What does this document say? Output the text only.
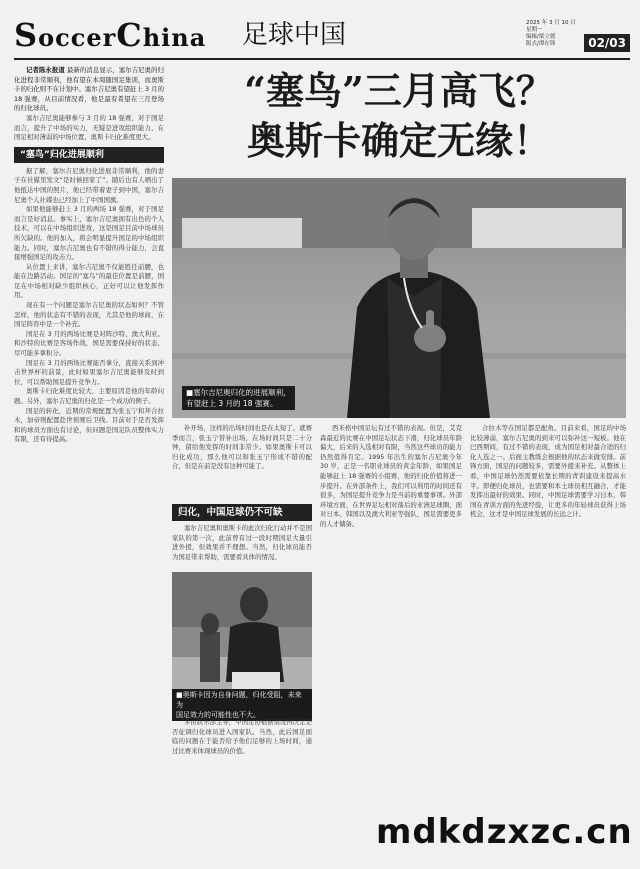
SoccerChina 足球中国	2025 年 3 月 10 日
星期一
编辑/梁立德
版式/谭在锋	02/03

记者陈永报道 最新的消息显示，塞尔吉尼奥的归化进程非常顺利，他有望在本周随国足集训，而奥斯卡的归化则不在计划中。塞尔吉尼奥有望赶上 3 月的 18 强赛，从目前情况看，他是最有希望在三月登场的归化球员。

塞尔吉尼奥能够参与 3 月的 18 强赛，对于国足而言，提升了中场的实力，无疑是进攻组织能力、在国足相对薄弱的中场位置，奥斯卡归化难度更大。

“塞鸟”归化进展顺利

据了解，塞尔吉尼奥归化进展非常顺利，他的妻子在社媒里发文“是时候回家了”。随后也有人晒出了他抵达中国的照片，他已经带着妻子到中国，塞尔吉尼奥个人社媒也已经加上了中国国旗。

如果他能够赶上 3 月的两场 18 强赛，对于国足而言是好消息。事实上，塞尔吉尼奥拥有出色的个人技术，可以在中场组织进攻，这是国足目前中场球员所欠缺的。他的加入，将会明显提升国足的中场组织能力。同时，塞尔吉尼奥也有不错的得分能力，会直接增强国足的攻击力。

从位置上来讲，塞尔吉尼奥不仅能胜任前腰，也能在边路活动。国足的“塞鸟”的最佳位置是前腰，国足在中场相对缺少组织核心，正好可以让他发挥作用。

现在有一个问题是塞尔吉尼奥的状态如何？不管怎样，他的状态有不错的表现，尤其是他的球商，在国足阵容中是一个补充。

国足在 3 月的两场比赛是对阵沙特、澳大利亚。和沙特的比赛是客场作战，国足需要保持好的状态，尽可能多拿积分。

国足在 3 月的两场比赛能否拿分，直接关系到冲击世界杯的前景，此时如果塞尔吉尼奥能够及时到位，可以帮助国足提升竞争力。

奥斯卡归化难度比较大，主要原因是他的年龄问题。另外，塞尔吉尼奥的归化是一个成功的例子。

国足的转化，近期的常规配置为张玉宁和拜合拉木，加帝则配置赴世预赛后卫线。目前对于是否发挥和的球员方面也有讨论，但问题是国足队员整体实力有限，还有待提高。

“塞鸟”三月高飞？
奥斯卡确定无缘！
■塞尔吉尼奥归化的进展顺利，
有望赶上 3 月的 18 强赛。

补开场，这样的出场时间也是在太短了。就赛季而言，张玉宁替补出场，在场时间只是二十分钟，留给他发挥的时间非常少。如果奥斯卡可以归化成功，那么他可以和张玉宁形成不错的配合，但是在前是没有这种可能了。

归化，中国足球仍不可缺

塞尔吉尼奥和奥斯卡的此次归化行动并不是国家队的第一次，此前曾有过一段时期国足大量引进外援，但效果并不理想。当然，归化球员能否为国足带来帮助，需要看具体的情况。

■奥斯卡因为自身问题，归化受阻，未来为
国足效力的可能性也不大。

多由跃乐部主导，中国足协根据情况再决定是否征调归化球员进入国家队。当然，此后国足面临的问题在于能否给予他们足够的上场时间，通过比赛来体现球员的价值。

西米格中国足坛有过不错的表现。但是，艾克森最近的比赛在中国足坛状态下滑，归化球员年龄偏大，后来的入选相对有限，当然这些球员的能力仍然值得肯定。1995 年出生的塞尔吉尼奥今年 30 岁，正是一名职业球员的黄金年龄，如果国足能够赶上 18 强赛的小组赛，他的归化价值将进一步提升。在外部条件上，我们可以利用的时间还有很多，为国足提升竞争力是当前的重要事项。外部环境方面，在世界足坛相对落后的亚洲足球圈，面对日本、韩国以及澳大利亚等强队，国足需要更多的人才储备。

合拉木等在国足都是配角。目前来看，国足的中场比较薄弱，塞尔吉尼奥的到来可以弥补这一短板。他在巴西期间，有过不错的表现，成为国足相对最合适的归化人选之一。后面主教练会根据他的状态来做安排。前锋方面，国足的问题较多，需要外援来补充。从整体上看，中国足球仍然需要依靠长期的青训建设来提高水平。即便归化球员，也需要和本土球员相互融合，才能发挥出最好的效果。同时，中国足球需要学习日本、韩国在青训方面的先进经验，让更多的年轻球员获得上场机会，这才是中国足球发展的长远之计。

mdkdzxzc.cn
